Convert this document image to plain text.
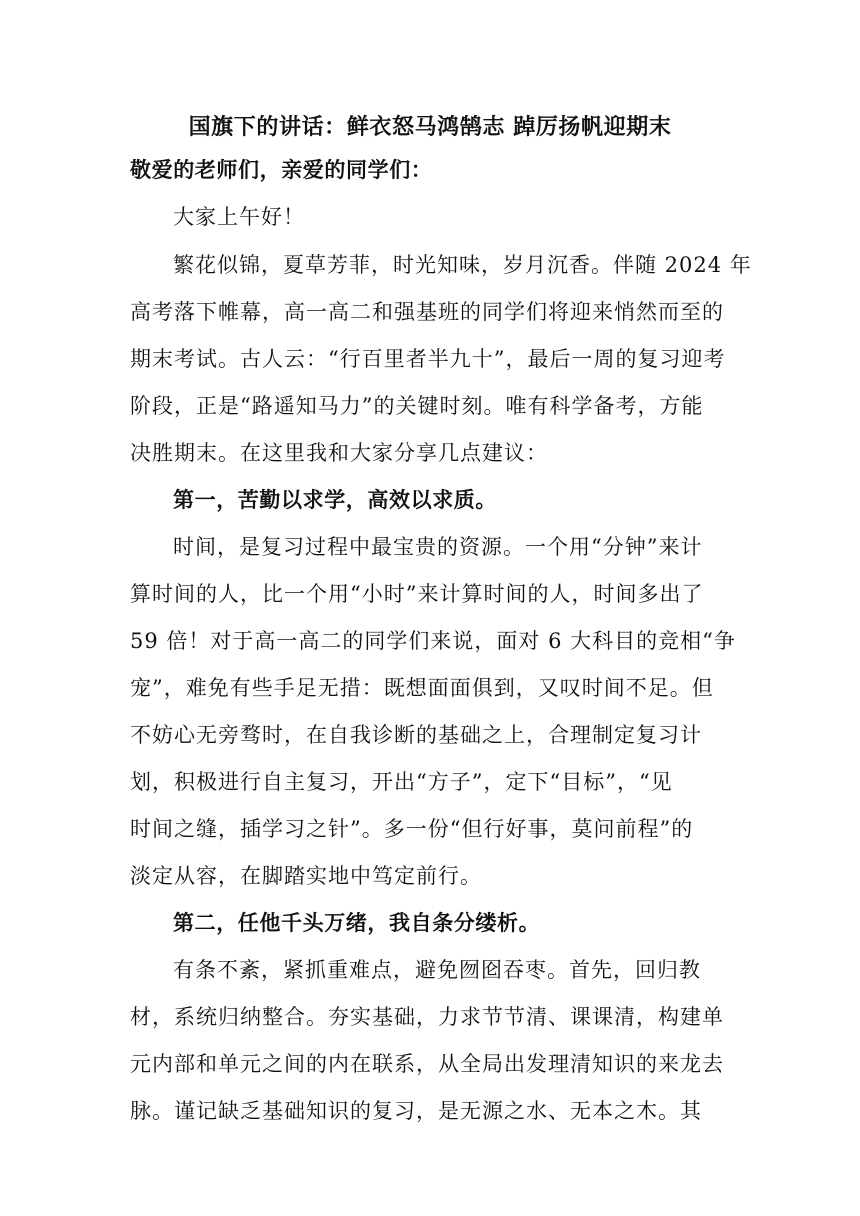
国旗下的讲话：鲜衣怒马鸿鹄志 踔厉扬帆迎期末
敬爱的老师们，亲爱的同学们：
大家上午好！
繁花似锦，夏草芳菲，时光知味，岁月沉香。伴随 2024 年
高考落下帷幕，高一高二和强基班的同学们将迎来悄然而至的
期末考试。古人云：“行百里者半九十”，最后一周的复习迎考
阶段，正是“路遥知马力”的关键时刻。唯有科学备考，方能
决胜期末。在这里我和大家分享几点建议：
第一，苦勤以求学，高效以求质。
时间，是复习过程中最宝贵的资源。一个用“分钟”来计
算时间的人，比一个用“小时”来计算时间的人，时间多出了
59 倍！对于高一高二的同学们来说，面对 6 大科目的竞相“争
宠”，难免有些手足无措：既想面面俱到，又叹时间不足。但
不妨心无旁骛时，在自我诊断的基础之上，合理制定复习计
划，积极进行自主复习，开出“方子”，定下“目标”，“见
时间之缝，插学习之针”。多一份“但行好事，莫问前程”的
淡定从容，在脚踏实地中笃定前行。
第二，任他千头万绪，我自条分缕析。
有条不紊，紧抓重难点，避免囫囵吞枣。首先，回归教
材，系统归纳整合。夯实基础，力求节节清、课课清，构建单
元内部和单元之间的内在联系，从全局出发理清知识的来龙去
脉。谨记缺乏基础知识的复习，是无源之水、无本之木。其
